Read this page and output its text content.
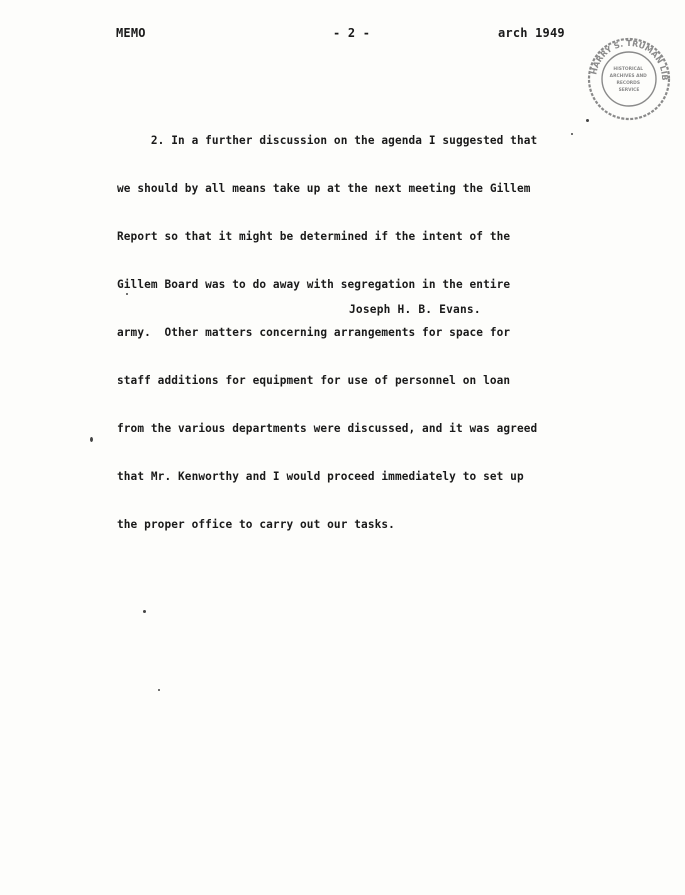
MEMO	- 2 -	arch 1949
HARRY S. TRUMAN LIB
HISTORICAL ARCHIVES AND RECORDS SERVICE

2. In a further discussion on the agenda I suggested that

we should by all means take up at the next meeting the Gillem

Report so that it might be determined if the intent of the

Gillem Board was to do away with segregation in the entire

army.  Other matters concerning arrangements for space for

staff additions for equipment for use of personnel on loan

from the various departments were discussed, and it was agreed

that Mr. Kenworthy and I would proceed immediately to set up

the proper office to carry out our tasks.

Joseph H. B. Evans.
